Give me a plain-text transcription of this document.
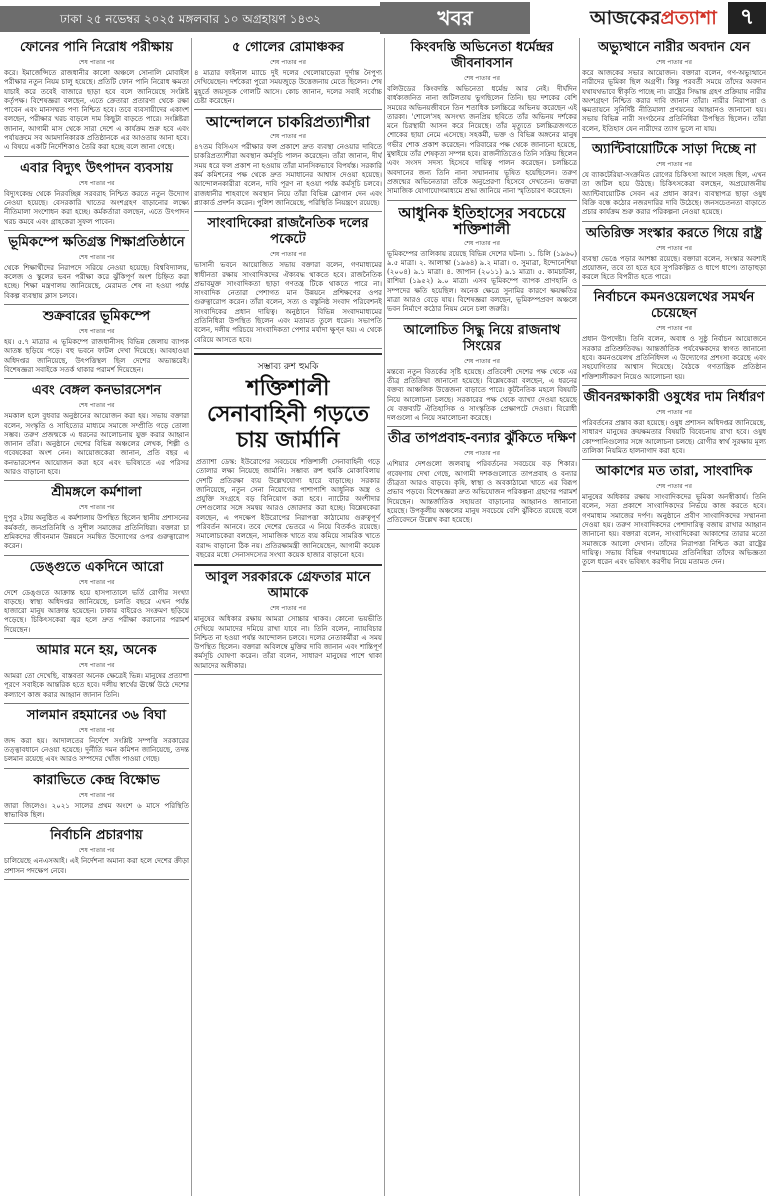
ঢাকা ২৫ নভেম্বর ২০২৫ মঙ্গলবার ১০ অগ্রহায়ণ ১৪৩২	খবর	আজকেরপ্রত্যাশা	৭
ফোনের পানি নিরোধ পরীক্ষায়
শেষ পাতার পর

করে। ইমার্জেন্সিতে রাজধানীর কালো অঞ্চলে সোনালি মোবাইল পরীক্ষার নতুন নিয়ম চালু হয়েছে। প্রতিটি ফোন পানি নিরোধ ক্ষমতা যাচাই করে তবেই বাজারে ছাড়া হবে বলে জানিয়েছে সংশ্লিষ্ট কর্তৃপক্ষ। বিশেষজ্ঞরা বলছেন, এতে ক্রেতারা প্রতারণা থেকে রক্ষা পাবেন এবং মানসম্মত পণ্য নিশ্চিত হবে। তবে ব্যবসায়ীদের একাংশ বলছেন, পরীক্ষার খরচ বাড়লে দাম কিছুটা বাড়তে পারে। সংশ্লিষ্টরা জানান, আগামী মাস থেকে সারা দেশে এ কার্যক্রম শুরু হবে এবং পর্যায়ক্রমে সব আমদানিকারক প্রতিষ্ঠানকে এর আওতায় আনা হবে। এ বিষয়ে একটি নির্দেশিকাও তৈরি করা হচ্ছে বলে জানা গেছে।

এবার বিদ্যুৎ উৎপাদন ব্যবসায়
শেষ পাতার পর

বিদ্যুৎকেন্দ্র থেকে নিরবচ্ছিন্ন সরবরাহ নিশ্চিত করতে নতুন উদ্যোগ নেওয়া হয়েছে। বেসরকারি খাতের অংশগ্রহণ বাড়ানোর লক্ষ্যে নীতিমালা সংশোধন করা হচ্ছে। কর্মকর্তারা বলছেন, এতে উৎপাদন খরচ কমবে এবং গ্রাহকেরা সুফল পাবেন।

ভূমিকম্পে ক্ষতিগ্রস্ত শিক্ষাপ্রতিষ্ঠানে
শেষ পাতার পর

থেকে শিক্ষার্থীদের নিরাপদে সরিয়ে নেওয়া হয়েছে। বিশ্ববিদ্যালয়, কলেজ ও স্কুলের ভবন পরীক্ষা করে ঝুঁকিপূর্ণ অংশ চিহ্নিত করা হচ্ছে। শিক্ষা মন্ত্রণালয় জানিয়েছে, মেরামত শেষ না হওয়া পর্যন্ত বিকল্প ব্যবস্থায় ক্লাস চলবে।

শুক্রবারের ভূমিকম্পে
শেষ পাতার পর

হয়। ৫.৭ মাত্রার এ ভূমিকম্পে রাজধানীসহ বিভিন্ন জেলায় ব্যাপক আতঙ্ক ছড়িয়ে পড়ে। বহু ভবনে ফাটল দেখা দিয়েছে। আবহাওয়া অধিদপ্তর জানিয়েছে, উৎপত্তিস্থল ছিল দেশের অভ্যন্তরেই। বিশেষজ্ঞরা সবাইকে সতর্ক থাকার পরামর্শ দিয়েছেন।

এবং বেঙ্গল কনভারসেশন
শেষ পাতার পর

সমকাল হলে বুধবার অনুষ্ঠানের আয়োজন করা হয়। সভায় বক্তারা বলেন, সংস্কৃতি ও সাহিত্যের মাধ্যমে সমাজে সম্প্রীতি গড়ে তোলা সম্ভব। তরুণ প্রজন্মকে এ ধরনের আলোচনায় যুক্ত করার আহ্বান জানান তাঁরা। অনুষ্ঠানে দেশের বিভিন্ন অঞ্চলের লেখক, শিল্পী ও গবেষকেরা অংশ নেন। আয়োজকেরা জানান, প্রতি বছর এ কনভারসেশন আয়োজন করা হবে এবং ভবিষ্যতে এর পরিসর আরও বাড়ানো হবে।

শ্রীমঙ্গলে কর্মশালা
শেষ পাতার পর

দুপুর ২টায় অনুষ্ঠিত এ কর্মশালায় উপস্থিত ছিলেন স্থানীয় প্রশাসনের কর্মকর্তা, জনপ্রতিনিধি ও সুশীল সমাজের প্রতিনিধিরা। বক্তারা চা শ্রমিকদের জীবনমান উন্নয়নে সমন্বিত উদ্যোগের ওপর গুরুত্বারোপ করেন।

ডেঙ্গুতে একদিনে আরো
শেষ পাতার পর

দেশে ডেঙ্গুতে আক্রান্ত হয়ে হাসপাতালে ভর্তি রোগীর সংখ্যা বাড়ছে। স্বাস্থ্য অধিদপ্তর জানিয়েছে, চলতি বছরে এখন পর্যন্ত হাজারো মানুষ আক্রান্ত হয়েছেন। ঢাকার বাইরেও সংক্রমণ ছড়িয়ে পড়েছে। চিকিৎসকেরা জ্বর হলে দ্রুত পরীক্ষা করানোর পরামর্শ দিয়েছেন।

আমার মনে হয়, অনেক
শেষ পাতার পর

আমরা তো দেখেছি, বাস্তবতা অনেক ক্ষেত্রেই ভিন্ন। মানুষের প্রত্যাশা পূরণে সবাইকে আন্তরিক হতে হবে। দলীয় স্বার্থের ঊর্ধ্বে উঠে দেশের কল্যাণে কাজ করার আহ্বান জানান তিনি।

সালমান রহমানের ৩৬ বিঘা
শেষ পাতার পর

জব্দ করা হয়। আদালতের নির্দেশে সংশ্লিষ্ট সম্পত্তি সরকারের তত্ত্বাবধানে নেওয়া হয়েছে। দুর্নীতি দমন কমিশন জানিয়েছে, তদন্ত চলমান রয়েছে এবং আরও সম্পদের খোঁজ পাওয়া গেছে।

কারাভিতে কেন্দ্র বিক্ষোভ
শেষ পাতার পর

জারা জিলেও। ২০২১ সালের প্রথম অংশে ৬ মাসে পরিস্থিতি স্বাভাবিক ছিল।

নির্বাচনি প্রচারণায়
শেষ পাতার পর

চালিয়েছে এনএসআই। এই নির্দেশনা অমান্য করা হলে দেশের ক্রীড়া প্রশাসন পদক্ষেপ নেবে।

৫ গোলের রোমাঞ্চকর
শেষ পাতার পর

৪ মাত্রার ফাইনাল ম্যাচে দুই দলের খেলোয়াড়েরা দুর্দান্ত নৈপুণ্য দেখিয়েছেন। দর্শকেরা পুরো সময়জুড়ে উত্তেজনায় মেতে ছিলেন। শেষ মুহূর্তে জয়সূচক গোলটি আসে। কোচ জানান, দলের সবাই সর্বোচ্চ চেষ্টা করেছেন।

আন্দোলনে চাকরিপ্রত্যাশীরা
শেষ পাতার পর

৪৭তম বিসিএস পরীক্ষার ফল প্রকাশে দ্রুত ব্যবস্থা নেওয়ার দাবিতে চাকরিপ্রত্যাশীরা অবস্থান কর্মসূচি পালন করেছেন। তাঁরা জানান, দীর্ঘ সময় ধরে ফল প্রকাশ না হওয়ায় তাঁরা মানসিকভাবে বিপর্যস্ত। সরকারি কর্ম কমিশনের পক্ষ থেকে দ্রুত সমাধানের আশ্বাস দেওয়া হয়েছে। আন্দোলনকারীরা বলেন, দাবি পূরণ না হওয়া পর্যন্ত কর্মসূচি চলবে। রাজধানীর শাহবাগে অবস্থান নিয়ে তাঁরা বিভিন্ন স্লোগান দেন এবং প্ল্যাকার্ড প্রদর্শন করেন। পুলিশ জানিয়েছে, পরিস্থিতি নিয়ন্ত্রণে রয়েছে।

সাংবাদিকেরা রাজনৈতিক দলের পকেটে
শেষ পাতার পর

ভাসানী ভবনে আয়োজিত সভায় বক্তারা বলেন, গণমাধ্যমের স্বাধীনতা রক্ষায় সাংবাদিকদের ঐক্যবদ্ধ থাকতে হবে। রাজনৈতিক প্রভাবমুক্ত সাংবাদিকতা ছাড়া গণতন্ত্র টিকে থাকতে পারে না। সাংবাদিক নেতারা পেশাগত মান উন্নয়নে প্রশিক্ষণের ওপর গুরুত্বারোপ করেন। তাঁরা বলেন, সত্য ও বস্তুনিষ্ঠ সংবাদ পরিবেশনই সাংবাদিকের প্রধান দায়িত্ব। অনুষ্ঠানে বিভিন্ন সংবাদমাধ্যমের প্রতিনিধিরা উপস্থিত ছিলেন এবং মতামত তুলে ধরেন। সভাপতি বলেন, দলীয় পরিচয়ে সাংবাদিকতা পেশার মর্যাদা ক্ষুণ্ন হয়। এ থেকে বেরিয়ে আসতে হবে।

সম্ভাব্য রুশ হুমকি
শক্তিশালী সেনাবাহিনী গড়তে চায় জার্মানি

প্রত্যাশা ডেস্ক: ইউরোপের সবচেয়ে শক্তিশালী সেনাবাহিনী গড়ে তোলার লক্ষ্য নিয়েছে জার্মানি। সম্ভাব্য রুশ হুমকি মোকাবিলায় দেশটি প্রতিরক্ষা ব্যয় উল্লেখযোগ্য হারে বাড়াচ্ছে। সরকার জানিয়েছে, নতুন সেনা নিয়োগের পাশাপাশি আধুনিক অস্ত্র ও প্রযুক্তি সংগ্রহে বড় বিনিয়োগ করা হবে। ন্যাটোর অংশীদার দেশগুলোর সঙ্গে সমন্বয় আরও জোরদার করা হচ্ছে। বিশ্লেষকেরা বলছেন, এ পদক্ষেপ ইউরোপের নিরাপত্তা কাঠামোয় গুরুত্বপূর্ণ পরিবর্তন আনবে। তবে দেশের ভেতরে এ নিয়ে বিতর্কও রয়েছে। সমালোচকেরা বলছেন, সামাজিক খাতে ব্যয় কমিয়ে সামরিক খাতে বরাদ্দ বাড়ানো ঠিক নয়। প্রতিরক্ষামন্ত্রী জানিয়েছেন, আগামী কয়েক বছরের মধ্যে সেনাসদস্যের সংখ্যা কয়েক হাজার বাড়ানো হবে।

আবুল সরকারকে গ্রেফতার মানে আমাকে
শেষ পাতার পর

মানুষের অধিকার রক্ষায় আমরা সোচ্চার থাকব। কোনো ভয়ভীতি দেখিয়ে আমাদের দমিয়ে রাখা যাবে না। তিনি বলেন, ন্যায়বিচার নিশ্চিত না হওয়া পর্যন্ত আন্দোলন চলবে। দলের নেতাকর্মীরা এ সময় উপস্থিত ছিলেন। বক্তারা অবিলম্বে মুক্তির দাবি জানান এবং শান্তিপূর্ণ কর্মসূচি ঘোষণা করেন। তাঁরা বলেন, সাধারণ মানুষের পাশে থাকা আমাদের অঙ্গীকার।

কিংবদন্তি অভিনেতা ধর্মেন্দ্রর জীবনাবসান
শেষ পাতার পর

বলিউডের কিংবদন্তি অভিনেতা ধর্মেন্দ্র আর নেই। দীর্ঘদিন বার্ধক্যজনিত নানা জটিলতায় ভুগছিলেন তিনি। ছয় দশকের বেশি সময়ের অভিনয়জীবনে তিন শতাধিক চলচ্চিত্রে অভিনয় করেছেন এই তারকা। 'শোলে'সহ অসংখ্য জনপ্রিয় ছবিতে তাঁর অভিনয় দর্শকের মনে চিরস্থায়ী আসন করে নিয়েছে। তাঁর মৃত্যুতে চলচ্চিত্রজগতে শোকের ছায়া নেমে এসেছে। সহকর্মী, ভক্ত ও বিভিন্ন অঙ্গনের মানুষ গভীর শোক প্রকাশ করেছেন। পরিবারের পক্ষ থেকে জানানো হয়েছে, মুম্বাইয়ে তাঁর শেষকৃত্য সম্পন্ন হবে। রাজনীতিতেও তিনি সক্রিয় ছিলেন এবং সংসদ সদস্য হিসেবে দায়িত্ব পালন করেছেন। চলচ্চিত্রে অবদানের জন্য তিনি নানা সম্মাননায় ভূষিত হয়েছিলেন। তরুণ প্রজন্মের অভিনেতারা তাঁকে অনুপ্রেরণা হিসেবে দেখতেন। ভক্তরা সামাজিক যোগাযোগমাধ্যমে শ্রদ্ধা জানিয়ে নানা স্মৃতিচারণ করেছেন।

আধুনিক ইতিহাসের সবচেয়ে শক্তিশালী
শেষ পাতার পর

ভূমিকম্পের তালিকায় রয়েছে বিভিন্ন দেশের ঘটনা। ১. চিলি (১৯৬০) ৯.৫ মাত্রা। ২. আলাস্কা (১৯৬৪) ৯.২ মাত্রা। ৩. সুমাত্রা, ইন্দোনেশিয়া (২০০৪) ৯.১ মাত্রা। ৪. জাপান (২০১১) ৯.১ মাত্রা। ৫. কামচাটকা, রাশিয়া (১৯৫২) ৯.০ মাত্রা। এসব ভূমিকম্পে ব্যাপক প্রাণহানি ও সম্পদের ক্ষতি হয়েছিল। অনেক ক্ষেত্রে সুনামির কারণে ক্ষয়ক্ষতির মাত্রা আরও বেড়ে যায়। বিশেষজ্ঞরা বলছেন, ভূমিকম্পপ্রবণ অঞ্চলে ভবন নির্মাণে কঠোর নিয়ম মেনে চলা জরুরি।

আলোচিত সিদ্ধু নিয়ে রাজনাথ সিংয়ের
শেষ পাতার পর

মন্তব্যে নতুন বিতর্কের সৃষ্টি হয়েছে। প্রতিবেশী দেশের পক্ষ থেকে এর তীব্র প্রতিক্রিয়া জানানো হয়েছে। বিশ্লেষকেরা বলছেন, এ ধরনের বক্তব্য আঞ্চলিক উত্তেজনা বাড়াতে পারে। কূটনৈতিক মহলে বিষয়টি নিয়ে আলোচনা চলছে। সরকারের পক্ষ থেকে ব্যাখ্যা দেওয়া হয়েছে যে বক্তব্যটি ঐতিহাসিক ও সাংস্কৃতিক প্রেক্ষাপটে দেওয়া। বিরোধী দলগুলো এ নিয়ে সমালোচনা করেছে।

তীব্র তাপপ্রবাহ-বন্যার ঝুঁকিতে দক্ষিণ
শেষ পাতার পর

এশিয়ার দেশগুলো জলবায়ু পরিবর্তনের সবচেয়ে বড় শিকার। গবেষণায় দেখা গেছে, আগামী দশকগুলোতে তাপপ্রবাহ ও বন্যার তীব্রতা আরও বাড়বে। কৃষি, স্বাস্থ্য ও অবকাঠামো খাতে এর বিরূপ প্রভাব পড়বে। বিশেষজ্ঞরা দ্রুত অভিযোজন পরিকল্পনা গ্রহণের পরামর্শ দিয়েছেন। আন্তর্জাতিক সহায়তা বাড়ানোর আহ্বানও জানানো হয়েছে। উপকূলীয় অঞ্চলের মানুষ সবচেয়ে বেশি ঝুঁকিতে রয়েছে বলে প্রতিবেদনে উল্লেখ করা হয়েছে।

অভ্যুত্থানে নারীর অবদান যেন
শেষ পাতার পর

করে আজকের সভার আয়োজন। বক্তারা বলেন, গণ-অভ্যুত্থানে নারীদের ভূমিকা ছিল অগ্রণী। কিন্তু পরবর্তী সময়ে তাঁদের অবদান যথাযথভাবে স্বীকৃতি পাচ্ছে না। রাষ্ট্রের সিদ্ধান্ত গ্রহণ প্রক্রিয়ায় নারীর অংশগ্রহণ নিশ্চিত করার দাবি জানান তাঁরা। নারীর নিরাপত্তা ও ক্ষমতায়নে সুনির্দিষ্ট নীতিমালা প্রণয়নের আহ্বানও জানানো হয়। সভায় বিভিন্ন নারী সংগঠনের প্রতিনিধিরা উপস্থিত ছিলেন। তাঁরা বলেন, ইতিহাস যেন নারীদের ত্যাগ ভুলে না যায়।

অ্যান্টিবায়োটিকে সাড়া দিচ্ছে না
শেষ পাতার পর

যে ব্যাকটেরিয়া-সংক্রমিত রোগের চিকিৎসা আগে সহজ ছিল, এখন তা জটিল হয়ে উঠছে। চিকিৎসকেরা বলছেন, অপ্রয়োজনীয় অ্যান্টিবায়োটিক সেবন এর প্রধান কারণ। ব্যবস্থাপত্র ছাড়া ওষুধ বিক্রি বন্ধে কঠোর নজরদারির দাবি উঠেছে। জনসচেতনতা বাড়াতে প্রচার কার্যক্রম শুরু করার পরিকল্পনা নেওয়া হয়েছে।

অতিরিক্ত সংস্কার করতে গিয়ে রাষ্ট্র
শেষ পাতার পর

ব্যবস্থা ভেঙে পড়ার আশঙ্কা রয়েছে। বক্তারা বলেন, সংস্কার অবশ্যই প্রয়োজন, তবে তা হতে হবে সুপরিকল্পিত ও ধাপে ধাপে। তাড়াহুড়া করলে হিতে বিপরীত হতে পারে।

নির্বাচনে কমনওয়েলথের সমর্থন চেয়েছেন
শেষ পাতার পর

প্রধান উপদেষ্টা। তিনি বলেন, অবাধ ও সুষ্ঠু নির্বাচন আয়োজনে সরকার প্রতিশ্রুতিবদ্ধ। আন্তর্জাতিক পর্যবেক্ষকদের স্বাগত জানানো হবে। কমনওয়েলথ প্রতিনিধিদল এ উদ্যোগের প্রশংসা করেছে এবং সহযোগিতার আশ্বাস দিয়েছে। বৈঠকে গণতান্ত্রিক প্রতিষ্ঠান শক্তিশালীকরণ নিয়েও আলোচনা হয়।

জীবনরক্ষাকারী ওষুধের দাম নির্ধারণ
শেষ পাতার পর

পরিবর্তনের প্রস্তাব করা হয়েছে। ওষুধ প্রশাসন অধিদপ্তর জানিয়েছে, সাধারণ মানুষের ক্রয়ক্ষমতার বিষয়টি বিবেচনায় রাখা হবে। ওষুধ কোম্পানিগুলোর সঙ্গে আলোচনা চলছে। রোগীর স্বার্থ সুরক্ষায় মূল্য তালিকা নিয়মিত হালনাগাদ করা হবে।

আকাশের মত তারা, সাংবাদিক
শেষ পাতার পর

মানুষের অধিকার রক্ষায় সাংবাদিকদের ভূমিকা অনস্বীকার্য। তিনি বলেন, সত্য প্রকাশে সাংবাদিকদের নির্ভয়ে কাজ করতে হবে। গণমাধ্যম সমাজের দর্পণ। অনুষ্ঠানে প্রবীণ সাংবাদিকদের সম্মাননা দেওয়া হয়। তরুণ সাংবাদিকদের পেশাদারিত্ব বজায় রাখার আহ্বান জানানো হয়। বক্তারা বলেন, সাংবাদিকেরা আকাশের তারার মতো সমাজকে আলো দেখান। তাঁদের নিরাপত্তা নিশ্চিত করা রাষ্ট্রের দায়িত্ব। সভায় বিভিন্ন গণমাধ্যমের প্রতিনিধিরা তাঁদের অভিজ্ঞতা তুলে ধরেন এবং ভবিষ্যৎ করণীয় নিয়ে মতামত দেন।
